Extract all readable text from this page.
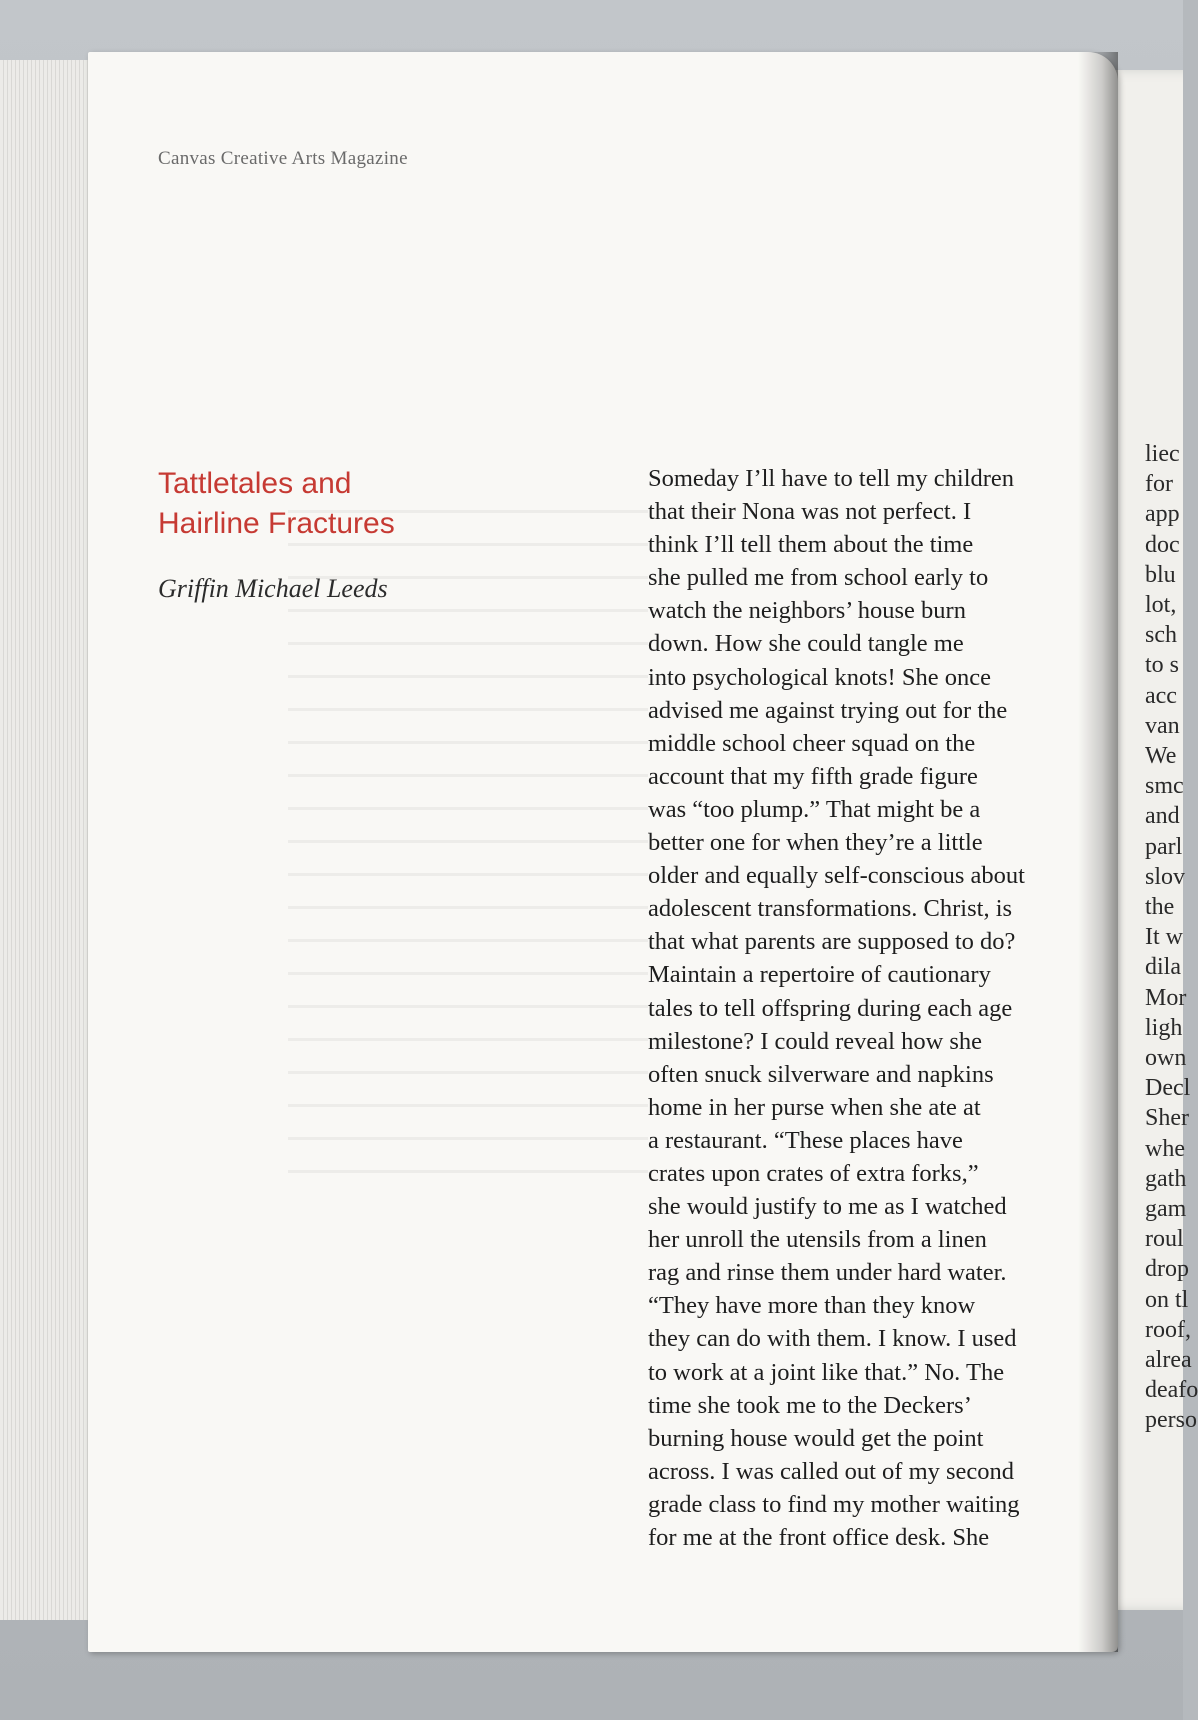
liec
for
app
doc
blu
lot,
sch
to s
acc
van
We
smc
and
parl
slov
the
It w
dila
Mor
ligh
own
Decl
Sher
whe
gath
gam
roul
drop
on tl
roof,
alrea
deafo
perso
Canvas Creative Arts Magazine
Tattletales and
Hairline Fractures
Griffin Michael Leeds
Someday I’ll have to tell my children
that their Nona was not perfect. I
think I’ll tell them about the time
she pulled me from school early to
watch the neighbors’ house burn
down. How she could tangle me
into psychological knots! She once
advised me against trying out for the
middle school cheer squad on the
account that my fifth grade figure
was “too plump.” That might be a
better one for when they’re a little
older and equally self-conscious about
adolescent transformations. Christ, is
that what parents are supposed to do?
Maintain a repertoire of cautionary
tales to tell offspring during each age
milestone? I could reveal how she
often snuck silverware and napkins
home in her purse when she ate at
a restaurant. “These places have
crates upon crates of extra forks,”
she would justify to me as I watched
her unroll the utensils from a linen
rag and rinse them under hard water.
“They have more than they know
they can do with them. I know. I used
to work at a joint like that.” No. The
time she took me to the Deckers’
burning house would get the point
across. I was called out of my second
grade class to find my mother waiting
for me at the front office desk. She
